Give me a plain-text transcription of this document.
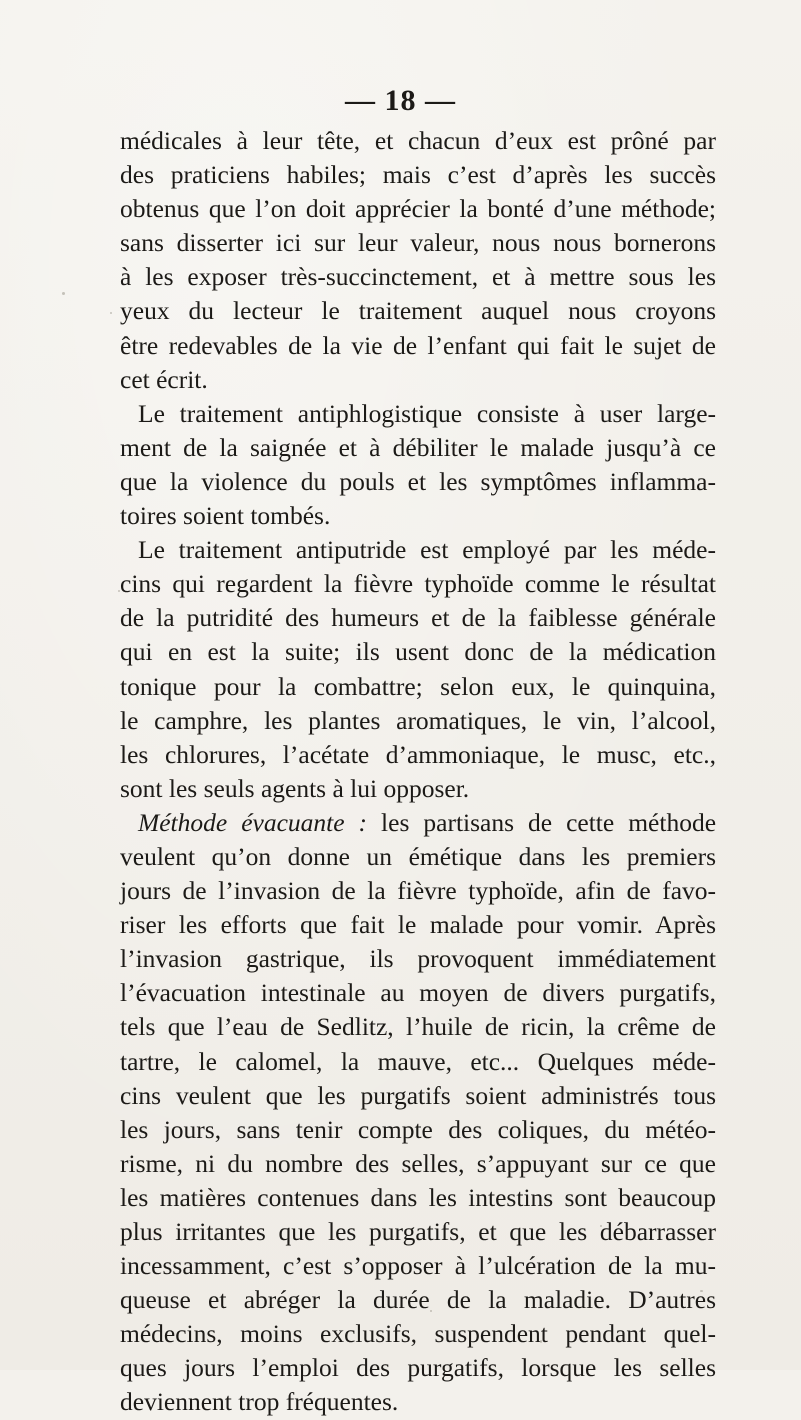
— 18 —
médicales à leur tête, et chacun d’eux est prôné par
des praticiens habiles; mais c’est d’après les succès
obtenus que l’on doit apprécier la bonté d’une méthode;
sans disserter ici sur leur valeur, nous nous bornerons
à les exposer très-succinctement, et à mettre sous les
yeux du lecteur le traitement auquel nous croyons
être redevables de la vie de l’enfant qui fait le sujet de
cet écrit.
Le traitement antiphlogistique consiste à user large-
ment de la saignée et à débiliter le malade jusqu’à ce
que la violence du pouls et les symptômes inflamma-
toires soient tombés.
Le traitement antiputride est employé par les méde-
cins qui regardent la fièvre typhoïde comme le résultat
de la putridité des humeurs et de la faiblesse générale
qui en est la suite; ils usent donc de la médication
tonique pour la combattre; selon eux, le quinquina,
le camphre, les plantes aromatiques, le vin, l’alcool,
les chlorures, l’acétate d’ammoniaque, le musc, etc.,
sont les seuls agents à lui opposer.
Méthode évacuante : les partisans de cette méthode
veulent qu’on donne un émétique dans les premiers
jours de l’invasion de la fièvre typhoïde, afin de favo-
riser les efforts que fait le malade pour vomir. Après
l’invasion gastrique, ils provoquent immédiatement
l’évacuation intestinale au moyen de divers purgatifs,
tels que l’eau de Sedlitz, l’huile de ricin, la crême de
tartre, le calomel, la mauve, etc... Quelques méde-
cins veulent que les purgatifs soient administrés tous
les jours, sans tenir compte des coliques, du météo-
risme, ni du nombre des selles, s’appuyant sur ce que
les matières contenues dans les intestins sont beaucoup
plus irritantes que les purgatifs, et que les débarrasser
incessamment, c’est s’opposer à l’ulcération de la mu-
queuse et abréger la durée de la maladie. D’autres
médecins, moins exclusifs, suspendent pendant quel-
ques jours l’emploi des purgatifs, lorsque les selles
deviennent trop fréquentes.
